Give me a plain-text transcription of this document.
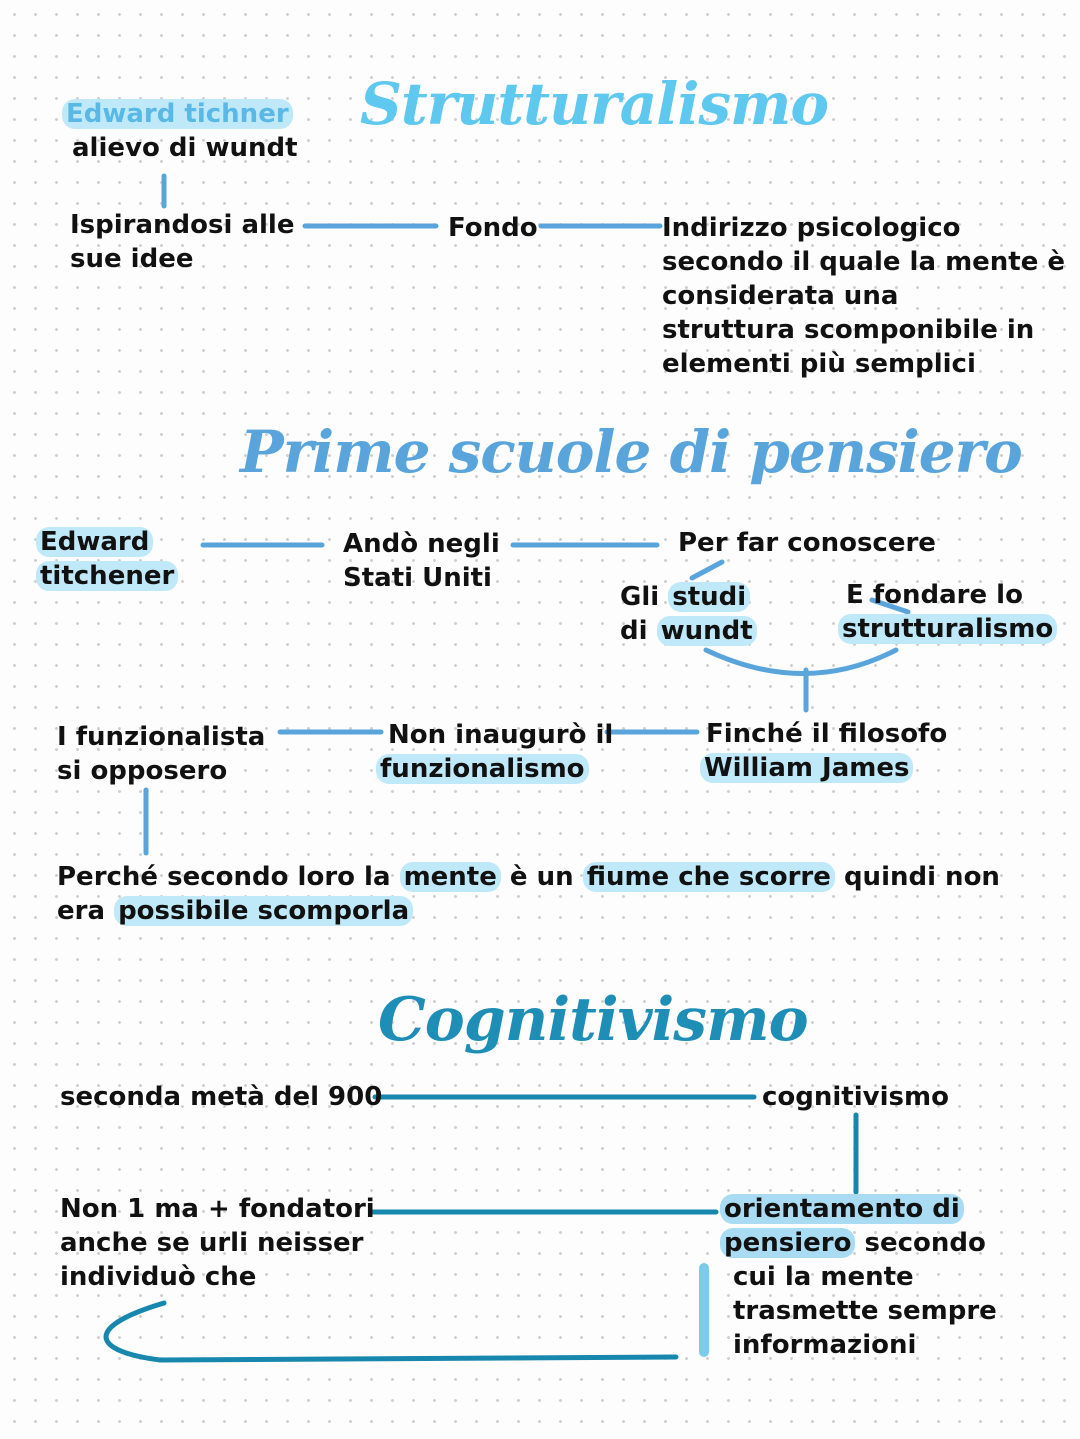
Strutturalismo
Edward tichner
alievo di wundt
Ispirandosi alle
sue idee
Fondo	Indirizzo psicologico
secondo il quale la mente è
considerata una
struttura scomponibile in
elementi più semplici
Prime scuole di pensiero
Edward
titchener
Andò negli
Stati Uniti
Per far conoscere
Gli studi
di wundt
E fondare lo
strutturalismo
Finché il filosofo
William James
Non inaugurò il
funzionalismo
I funzionalista
si opposero
Perché secondo loro la mente è un fiume che scorre quindi non
era possibile scomporla
Cognitivismo
seconda metà del 900	cognitivismo
Non 1 ma + fondatori
anche se urli neisser
individuò che
orientamento di
pensiero secondo
cui la mente
trasmette sempre
informazioni
